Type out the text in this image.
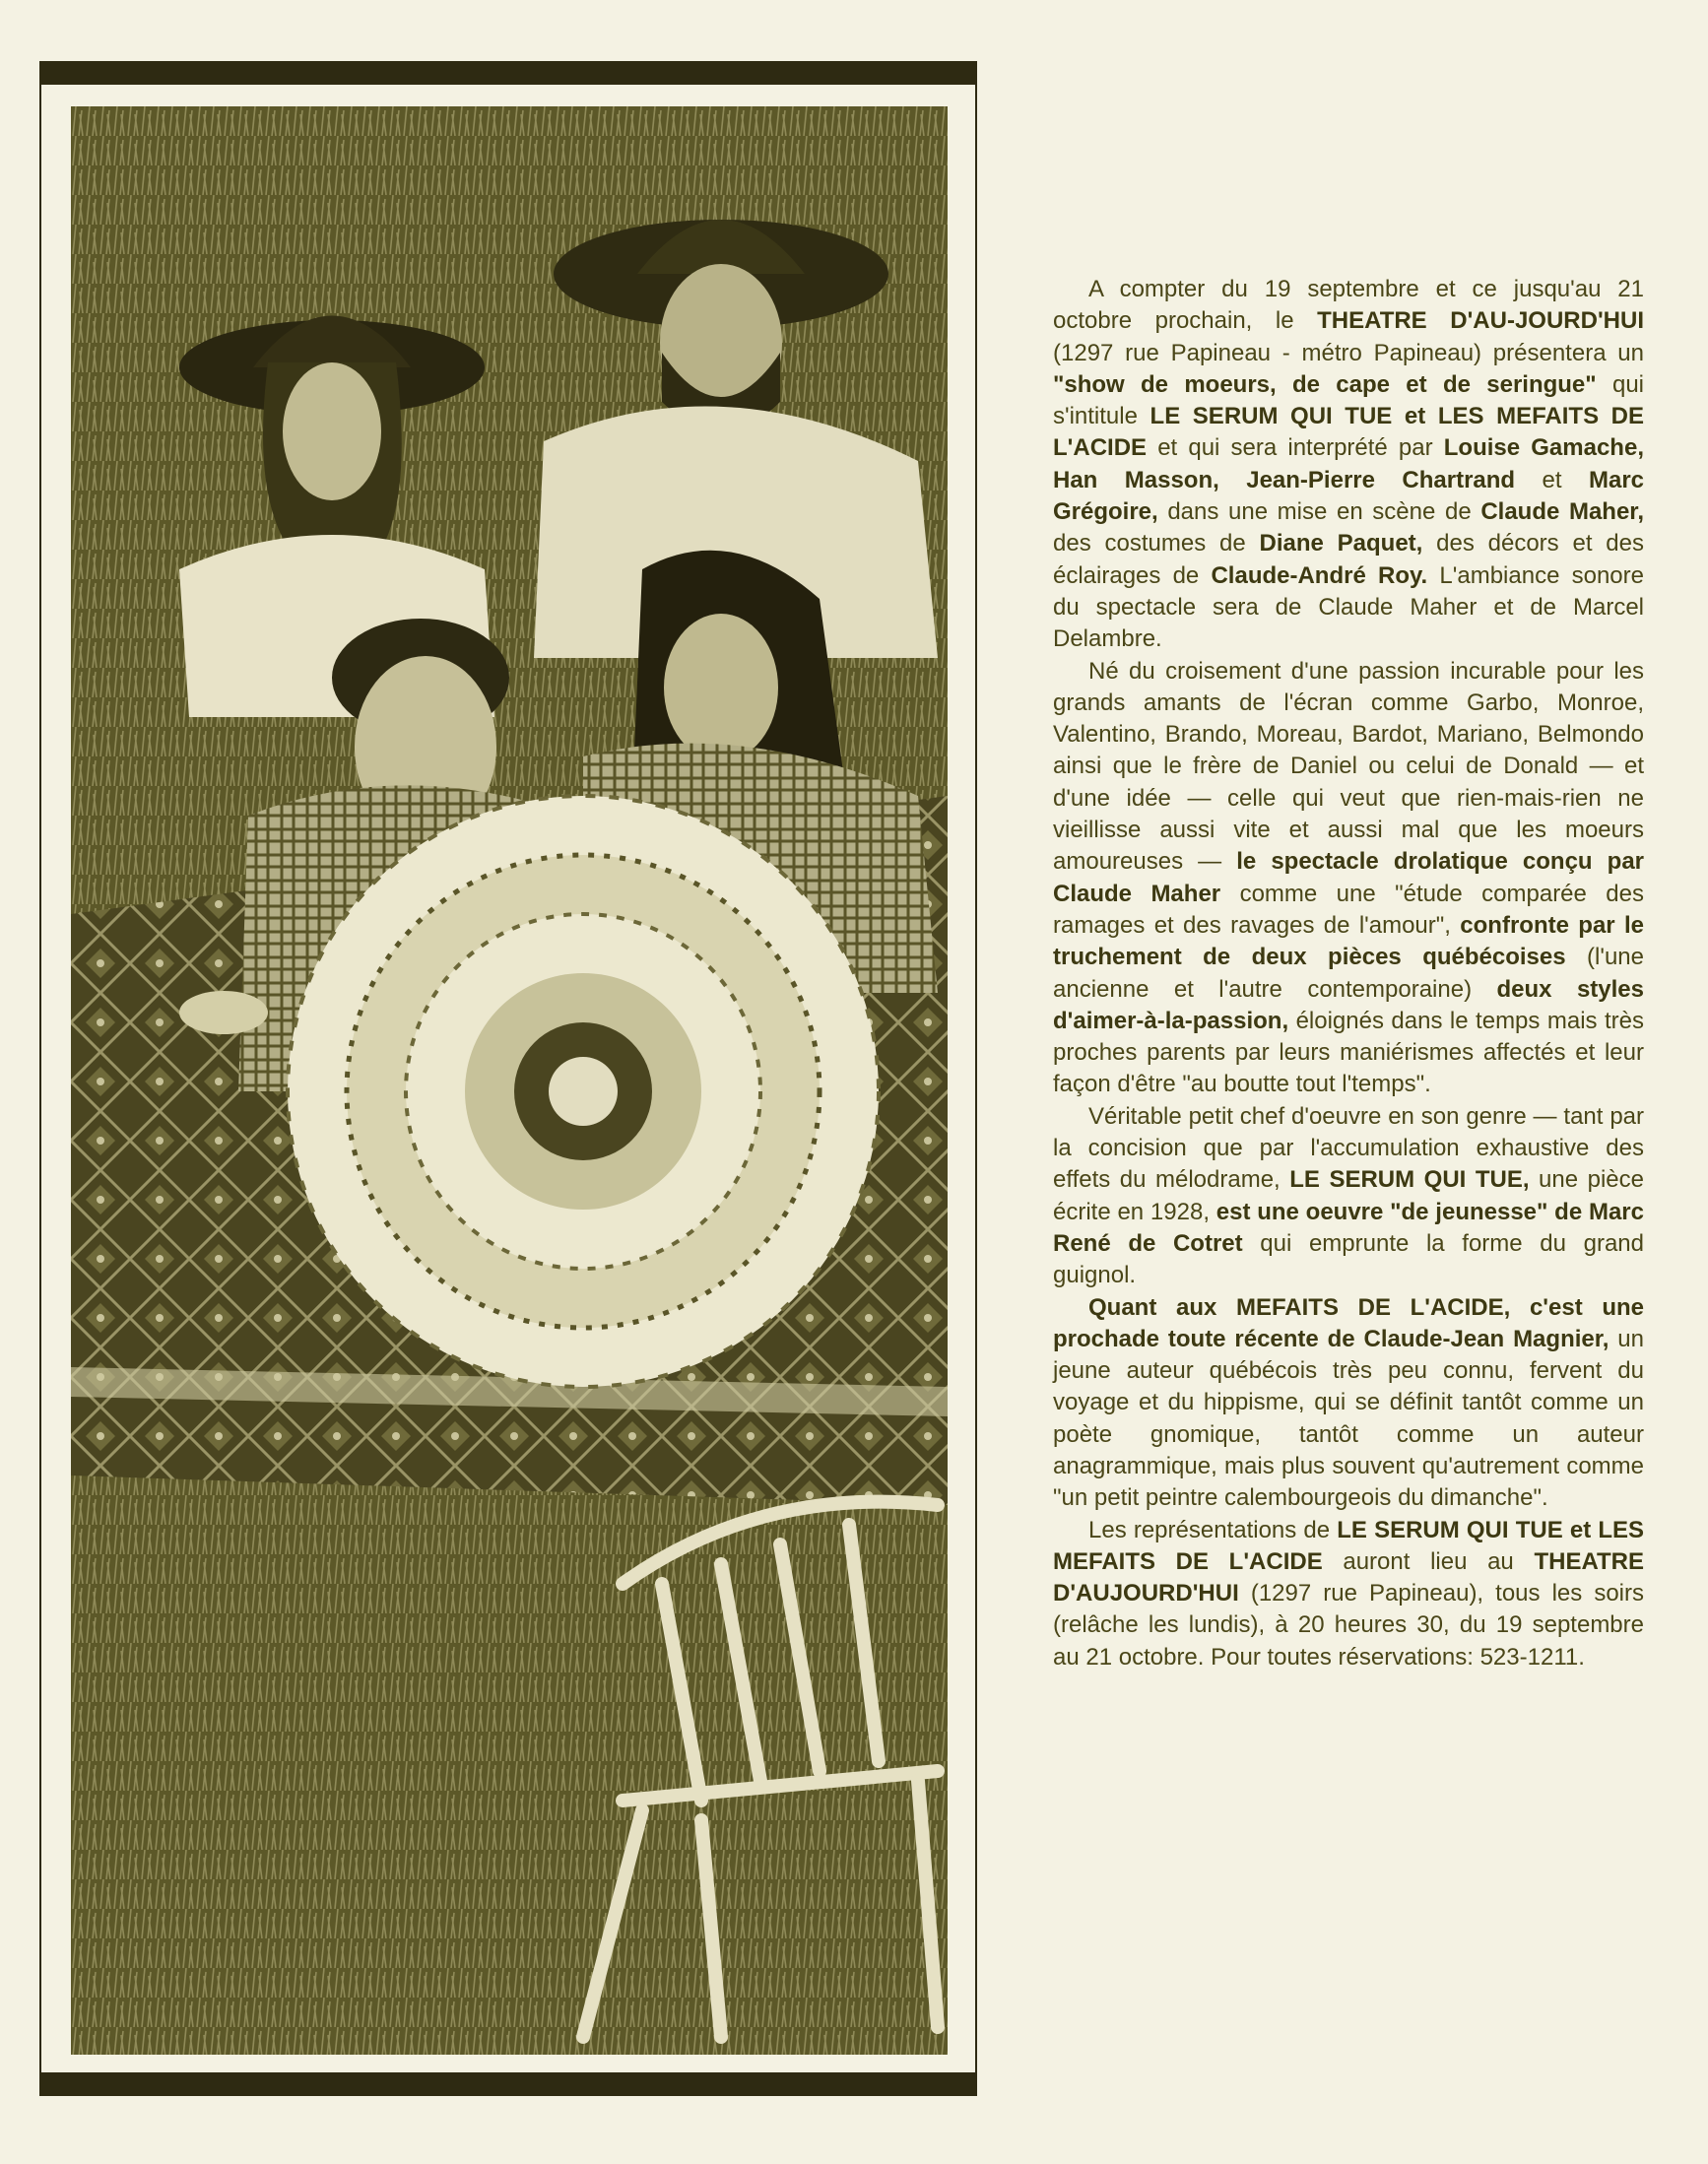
A compter du 19 septembre et ce jusqu'au 21 octobre prochain, le THEATRE D'AU-JOURD'HUI (1297 rue Papineau - métro Papineau) présentera un "show de moeurs, de cape et de seringue" qui s'intitule LE SERUM QUI TUE et LES MEFAITS DE L'ACIDE et qui sera interprété par Louise Gamache, Han Masson, Jean-Pierre Chartrand et Marc Grégoire, dans une mise en scène de Claude Maher, des costumes de Diane Paquet, des décors et des éclairages de Claude-André Roy. L'ambiance sonore du spectacle sera de Claude Maher et de Marcel Delambre.

Né du croisement d'une passion incurable pour les grands amants de l'écran comme Garbo, Monroe, Valentino, Brando, Moreau, Bardot, Mariano, Belmondo ainsi que le frère de Daniel ou celui de Donald — et d'une idée — celle qui veut que rien-mais-rien ne vieillisse aussi vite et aussi mal que les moeurs amoureuses — le spectacle drolatique conçu par Claude Maher comme une "étude comparée des ramages et des ravages de l'amour", confronte par le truchement de deux pièces québécoises (l'une ancienne et l'autre contemporaine) deux styles d'aimer-à-la-passion, éloignés dans le temps mais très proches parents par leurs maniérismes affectés et leur façon d'être "au boutte tout l'temps".

Véritable petit chef d'oeuvre en son genre — tant par la concision que par l'accumulation exhaustive des effets du mélodrame, LE SERUM QUI TUE, une pièce écrite en 1928, est une oeuvre "de jeunesse" de Marc René de Cotret qui emprunte la forme du grand guignol.

Quant aux MEFAITS DE L'ACIDE, c'est une prochade toute récente de Claude-Jean Magnier, un jeune auteur québécois très peu connu, fervent du voyage et du hippisme, qui se définit tantôt comme un poète gnomique, tantôt comme un auteur anagrammique, mais plus souvent qu'autrement comme "un petit peintre calembourgeois du dimanche".

Les représentations de LE SERUM QUI TUE et LES MEFAITS DE L'ACIDE auront lieu au THEATRE D'AUJOURD'HUI (1297 rue Papineau), tous les soirs (relâche les lundis), à 20 heures 30, du 19 septembre au 21 octobre. Pour toutes réservations: 523-1211.
